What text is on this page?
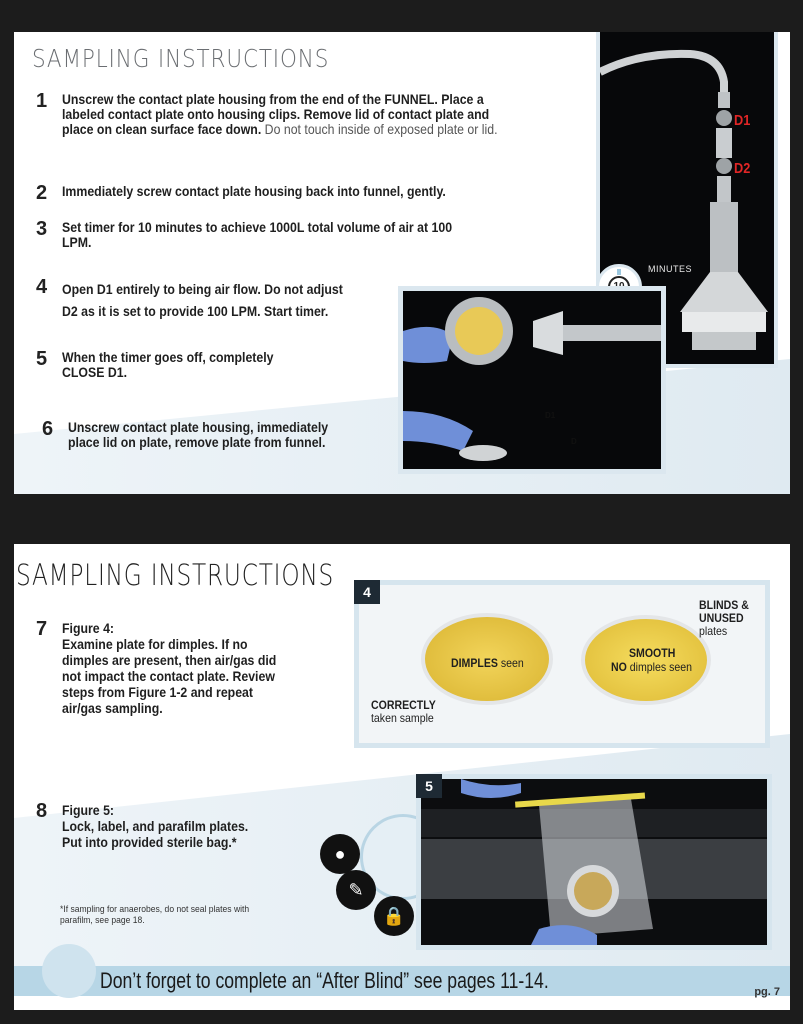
SAMPLING INSTRUCTIONS
1	Unscrew the contact plate housing from the end of the FUNNEL. Place a labeled contact plate onto housing clips. Remove lid of contact plate and place on clean surface face down. Do not touch inside of exposed plate or lid.
2	Immediately screw contact plate housing back into funnel, gently.
3	Set timer for 10 minutes to achieve 1000L total volume of air at 100 LPM.
4	Open D1 entirely to being air flow. Do not adjust D2 as it is set to provide 100 LPM. Start timer.
5	When the timer goes off, completely CLOSE D1.
6	Unscrew contact plate housing, immediately place lid on plate, remove plate from funnel.
D1
D2
MINUTES
D1
D
SAMPLING INSTRUCTIONS
7	Figure 4:
Examine plate for dimples. If no dimples are present, then air/gas did not impact the contact plate. Review steps from Figure 1-2 and repeat air/gas sampling.
8	Figure 5:
Lock, label, and parafilm plates. Put into provided sterile bag.*
*If sampling for anaerobes, do not seal plates with parafilm, see page 18.
4
DIMPLES seen
SMOOTH
NO dimples seen
CORRECTLY
taken sample
BLINDS &
UNUSED
plates
●
✎
🔒
5
Don’t forget to complete an “After Blind” see pages 11-14.	pg. 7
